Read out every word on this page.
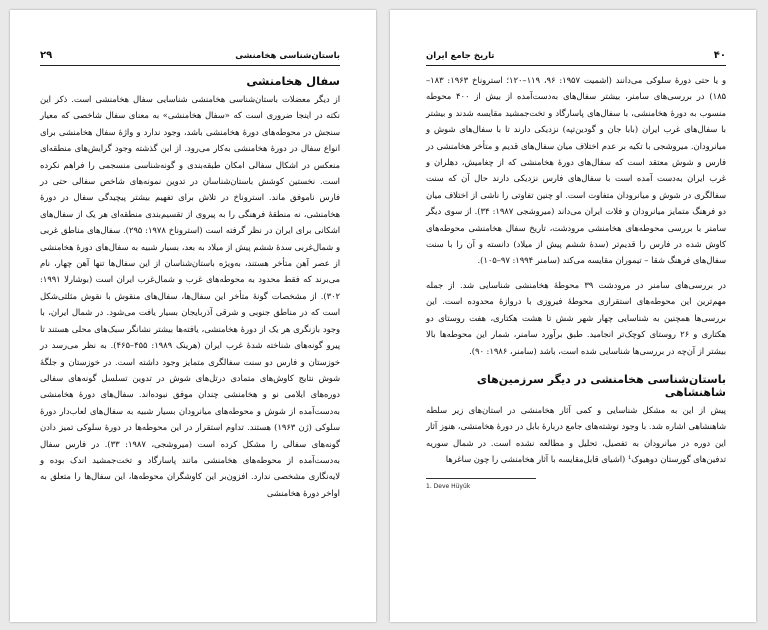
باستان‌شناسی هخامنشی
۲۹
سفال هخامنشی

از دیگر معضلات باستان‌شناسی هخامنشی شناسایی سفال هخامنشی است. ذکر این نکته در اینجا ضروری است که «سفال هخامنشی» به معنای سفال شاخصی که معیار سنجش در محوطه‌های دورهٔ هخامنشی باشد، وجود ندارد و واژهٔ سفال هخامنشی برای انواع سفال در دورهٔ هخامنشی به‌کار می‌رود. از این گذشته وجود گرایش‌های منطقه‌ای منعکس در اشکال سفالی امکان طبقه‌بندی و گونه‌شناسی منسجمی را فراهم نکرده است. نخستین کوشش باستان‌شناسان در تدوین نمونه‌های شاخص سفالی حتی در فارس ناموفق ماند. استروناخ در تلاش برای تفهیم بیشتر پیچیدگی سفال در دورهٔ هخامنشی، نه منطقهٔ فرهنگی را به پیروی از تقسیم‌بندی منطقه‌ای هر یک از سفال‌های اشکانی برای ایران در نظر گرفته است (استروناخ ۱۹۷۸: ۲۹۵). سفال‌های مناطق غربی و شمال‌غربی سدهٔ ششم پیش از میلاد به بعد، بسیار شبیه به سفال‌های دورهٔ هخامنشی از عصر آهن متأخر هستند، به‌ویژه باستان‌شناسان از این سفال‌ها تنها آهن چهار، نام می‌برند که فقط محدود به محوطه‌های غرب و شمال‌غرب ایران است (بوشارلا ۱۹۹۱: ۳۰۲). از مشخصات گونهٔ متأخر این سفال‌ها، سفال‌های منقوش با نقوش مثلثی‌شکل است که در مناطق جنوبی و شرقی آذربایجان بسیار یافت می‌شود. در شمال ایران، با وجود بازنگری هر یک از دورهٔ هخامنشی، یافته‌ها بیشتر نشانگر سبک‌های محلی هستند تا پیرو گونه‌های شناخته شدهٔ غرب ایران (هرینک ۱۹۸۹: ۴۵۵–۴۶۵). به نظر می‌رسد در خوزستان و فارس دو سنت سفالگری متمایز وجود داشته است. در خوزستان و جلگهٔ شوش نتایج کاوش‌های متمادی درتل‌های شوش در تدوین تسلسل گونه‌های سفالی دوره‌های ایلامی نو و هخامنشی چندان موفق نبوده‌اند. سفال‌های دورهٔ هخامنشی به‌دست‌آمده از شوش و محوطه‌های میانرودان بسیار شبیه به سفال‌های لعاب‌دار دورهٔ سلوکی (ژن ۱۹۶۳) هستند. تداوم استقرار در این محوطه‌ها در دورهٔ سلوکی تمیز دادن گونه‌های سفالی را مشکل کرده است (میروشجی، ۱۹۸۷: ۳۳). در فارس سفال به‌دست‌آمده از محوطه‌های هخامنشی مانند پاسارگاد و تخت‌جمشید اندک بوده و لایه‌نگاری مشخصی ندارد. افزون‌بر این کاوشگران محوطه‌ها، این سفال‌ها را متعلق به اواخر دورهٔ هخامنشی

۴۰
تاریخ جامع ایران

و یا حتی دورهٔ سلوکی می‌دانند (اشمیت ۱۹۵۷: ۹۶، ۱۱۹–۱۲۰؛ استروناخ ۱۹۶۳: ۱۸۳–۱۸۵) در بررسی‌های سامنر، بیشتر سفال‌های به‌دست‌آمده از بیش از ۴۰۰ محوطه منسوب به دورهٔ هخامنشی، با سفال‌های پاسارگاد و تخت‌جمشید مقایسه شدند و بیشتر با سفال‌های غرب ایران (بابا جان و گودین‌تپه) نزدیکی دارند تا با سفال‌های شوش و میانرودان. میروشجی با تکیه بر عدم اختلاف میان سفال‌های قدیم و متأخر هخامنشی در فارس و شوش معتقد است که سفال‌های دورهٔ هخامنشی که از چغامیش، دهلران و غرب ایران به‌دست آمده است با سفال‌های فارس نزدیکی دارند حال آن که سنت سفالگری در شوش و میانرودان متفاوت است. او چنین تفاوتی را ناشی از اختلاف میان دو فرهنگ متمایز میانرودان و فلات ایران می‌داند (میروشجی ۱۹۸۷: ۳۴). از سوی دیگر سامنر با بررسی محوطه‌های هخامنشی مرودشت، تاریخ سفال هخامنشی محوطه‌های کاوش شده در فارس را قدیم‌تر (سدهٔ ششم پیش از میلاد) دانسته و آن را با سنت سفال‌های فرهنگ شقا – تیموران مقایسه می‌کند (سامنر ۱۹۹۴: ۹۷–۱۰۵).

در بررسی‌های سامنر در مرودشت ۳۹ محوطهٔ هخامنشی شناسایی شد. از جمله مهم‌ترین این محوطه‌های استقراری محوطهٔ فیروزی با دروازهٔ محدوده است. این بررسی‌ها همچنین به شناسایی چهار شهر شش تا هشت هکتاری، هفت روستای دو هکتاری و ۲۶ روستای کوچک‌تر انجامید. طبق برآورد سامنر، شمار این محوطه‌ها بالا بیشتر از آن‌چه در بررسی‌ها شناسایی شده است، باشد (سامنر، ۱۹۸۶: ۹۰).

باستان‌شناسی هخامنشی در دیگر سرزمین‌های شاهنشاهی

پیش از این به مشکل شناسایی و کمی آثار هخامنشی در استان‌های زیر سلطه شاهنشاهی اشاره شد. با وجود نوشته‌های جامع دربارهٔ بابل در دورهٔ هخامنشی، هنوز آثار این دوره در میانرودان به تفصیل، تحلیل و مطالعه نشده است. در شمال سوریه تدفین‌های گورستان دوهیوک¹ (اشیای قابل‌مقایسه با آثار هخامنشی را چون ساغرها

1. Deve Hüyük
